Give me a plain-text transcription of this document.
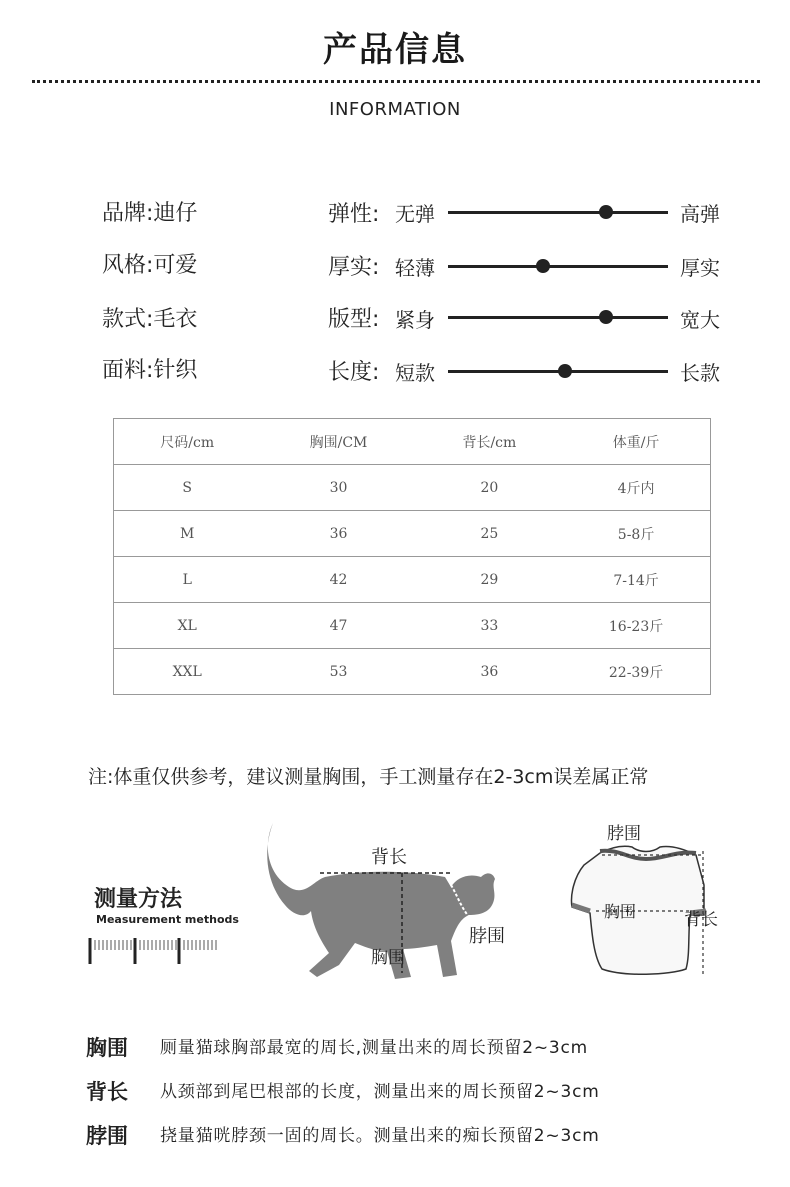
产品信息
INFORMATION
品牌:迪仔
风格:可爱
款式:毛衣
面料:针织
弹性: 无弹	高弹
厚实: 轻薄	厚实
版型: 紧身	宽大
长度: 短款	长款
尺码/cm	胸围/CM	背长/cm	体重/斤
S	30	20	4斤内
M	36	25	5-8斤
L	42	29	7-14斤
XL	47	33	16-23斤
XXL	53	36	22-39斤
注:体重仅供参考，建议测量胸围，手工测量存在2-3cm误差属正常
测量方法
Measurement methods
背长
脖围
胸围
脖围
胸围	背长
胸围 厕量猫球胸部最宽的周长,测量出来的周长预留2~3cm
背长 从颈部到尾巴根部的长度，测量出来的周长预留2~3cm
脖围 挠量猫咣脖颈一固的周长。测量出来的痴长预留2~3cm
